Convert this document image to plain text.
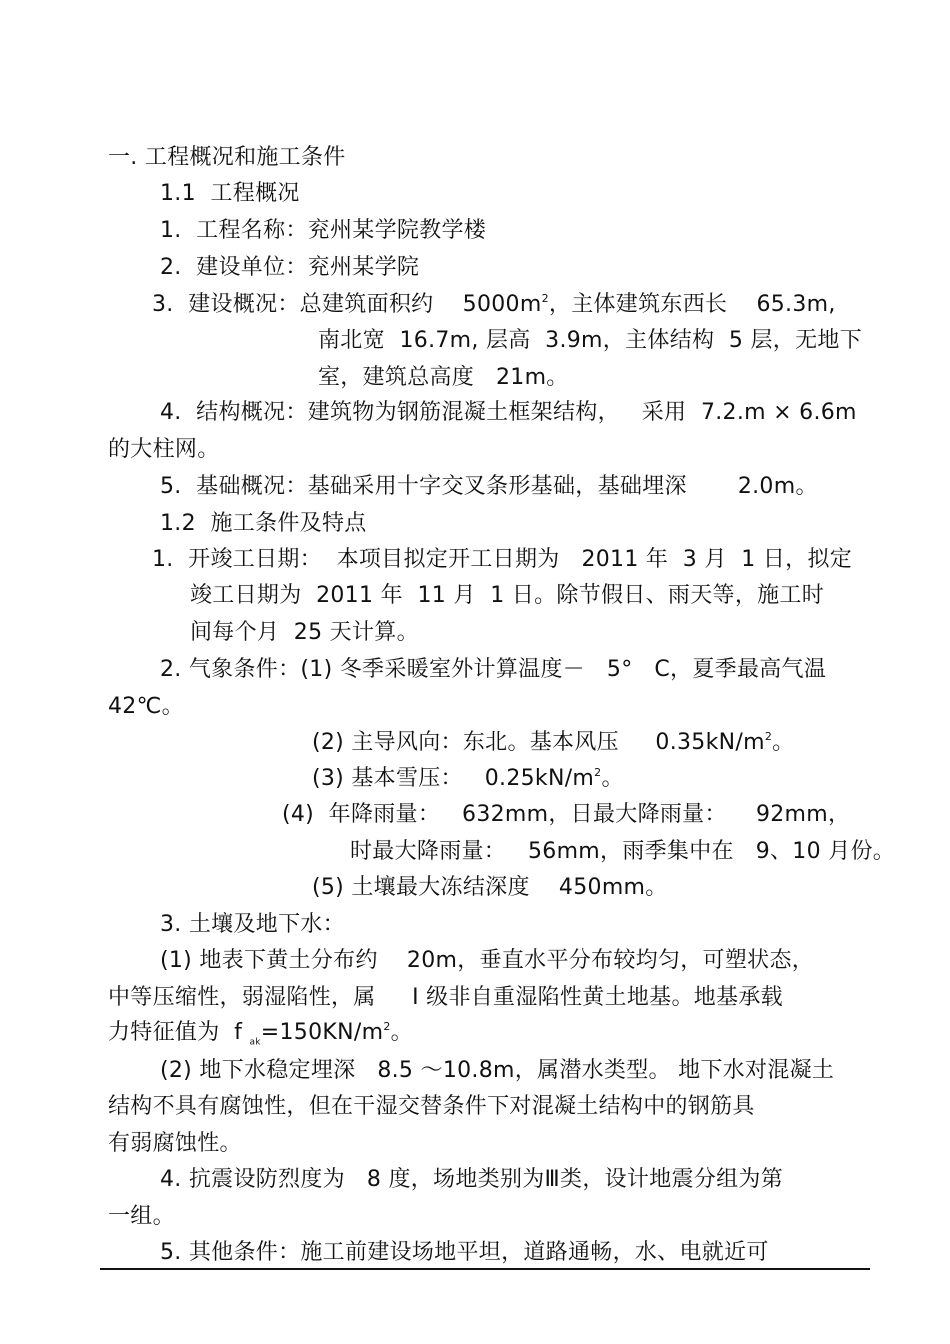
一. 工程概况和施工条件
1.1  工程概况
1.  工程名称：兖州某学院教学楼
2.  建设单位：兖州某学院
3.  建设概况：总建筑面积约    $5000m^2$，主体建筑东西长    65.3m,
南北宽  16.7m, 层高  3.9m，主体结构  5 层，无地下
室，建筑总高度   21m。
4.  结构概况：建筑物为钢筋混凝土框架结构，   采用  7.2.m × 6.6m
的大柱网。
5.  基础概况：基础采用十字交叉条形基础，基础埋深       2.0m。
1.2  施工条件及特点
1.  开竣工日期：  本项目拟定开工日期为   2011 年  3 月  1 日，拟定
竣工日期为  2011 年  11 月  1 日。除节假日、雨天等，施工时
间每个月  25 天计算。
2. 气象条件：(1) 冬季采暖室外计算温度－   5°   C，夏季最高气温
42℃。
(2) 主导风向：东北。基本风压     $0.35kN/m^2$。
(3) 基本雪压：   $0.25kN/m^2$。
(4)  年降雨量：   632mm，日最大降雨量：    92mm，
时最大降雨量：   56mm，雨季集中在   9、10 月份。
(5) 土壤最大冻结深度    450mm。
3. 土壤及地下水：
(1) 地表下黄土分布约    20m，垂直水平分布较均匀，可塑状态，
中等压缩性，弱湿陷性，属     Ⅰ 级非自重湿陷性黄土地基。地基承载
力特征值为  f $_{ak}=150KN/m^2$。
(2) 地下水稳定埋深   8.5 ～10.8m，属潜水类型。 地下水对混凝土
结构不具有腐蚀性，但在干湿交替条件下对混凝土结构中的钢筋具
有弱腐蚀性。
4. 抗震设防烈度为   8 度，场地类别为Ⅲ类，设计地震分组为第
一组。
5. 其他条件：施工前建设场地平坦，道路通畅，水、电就近可
